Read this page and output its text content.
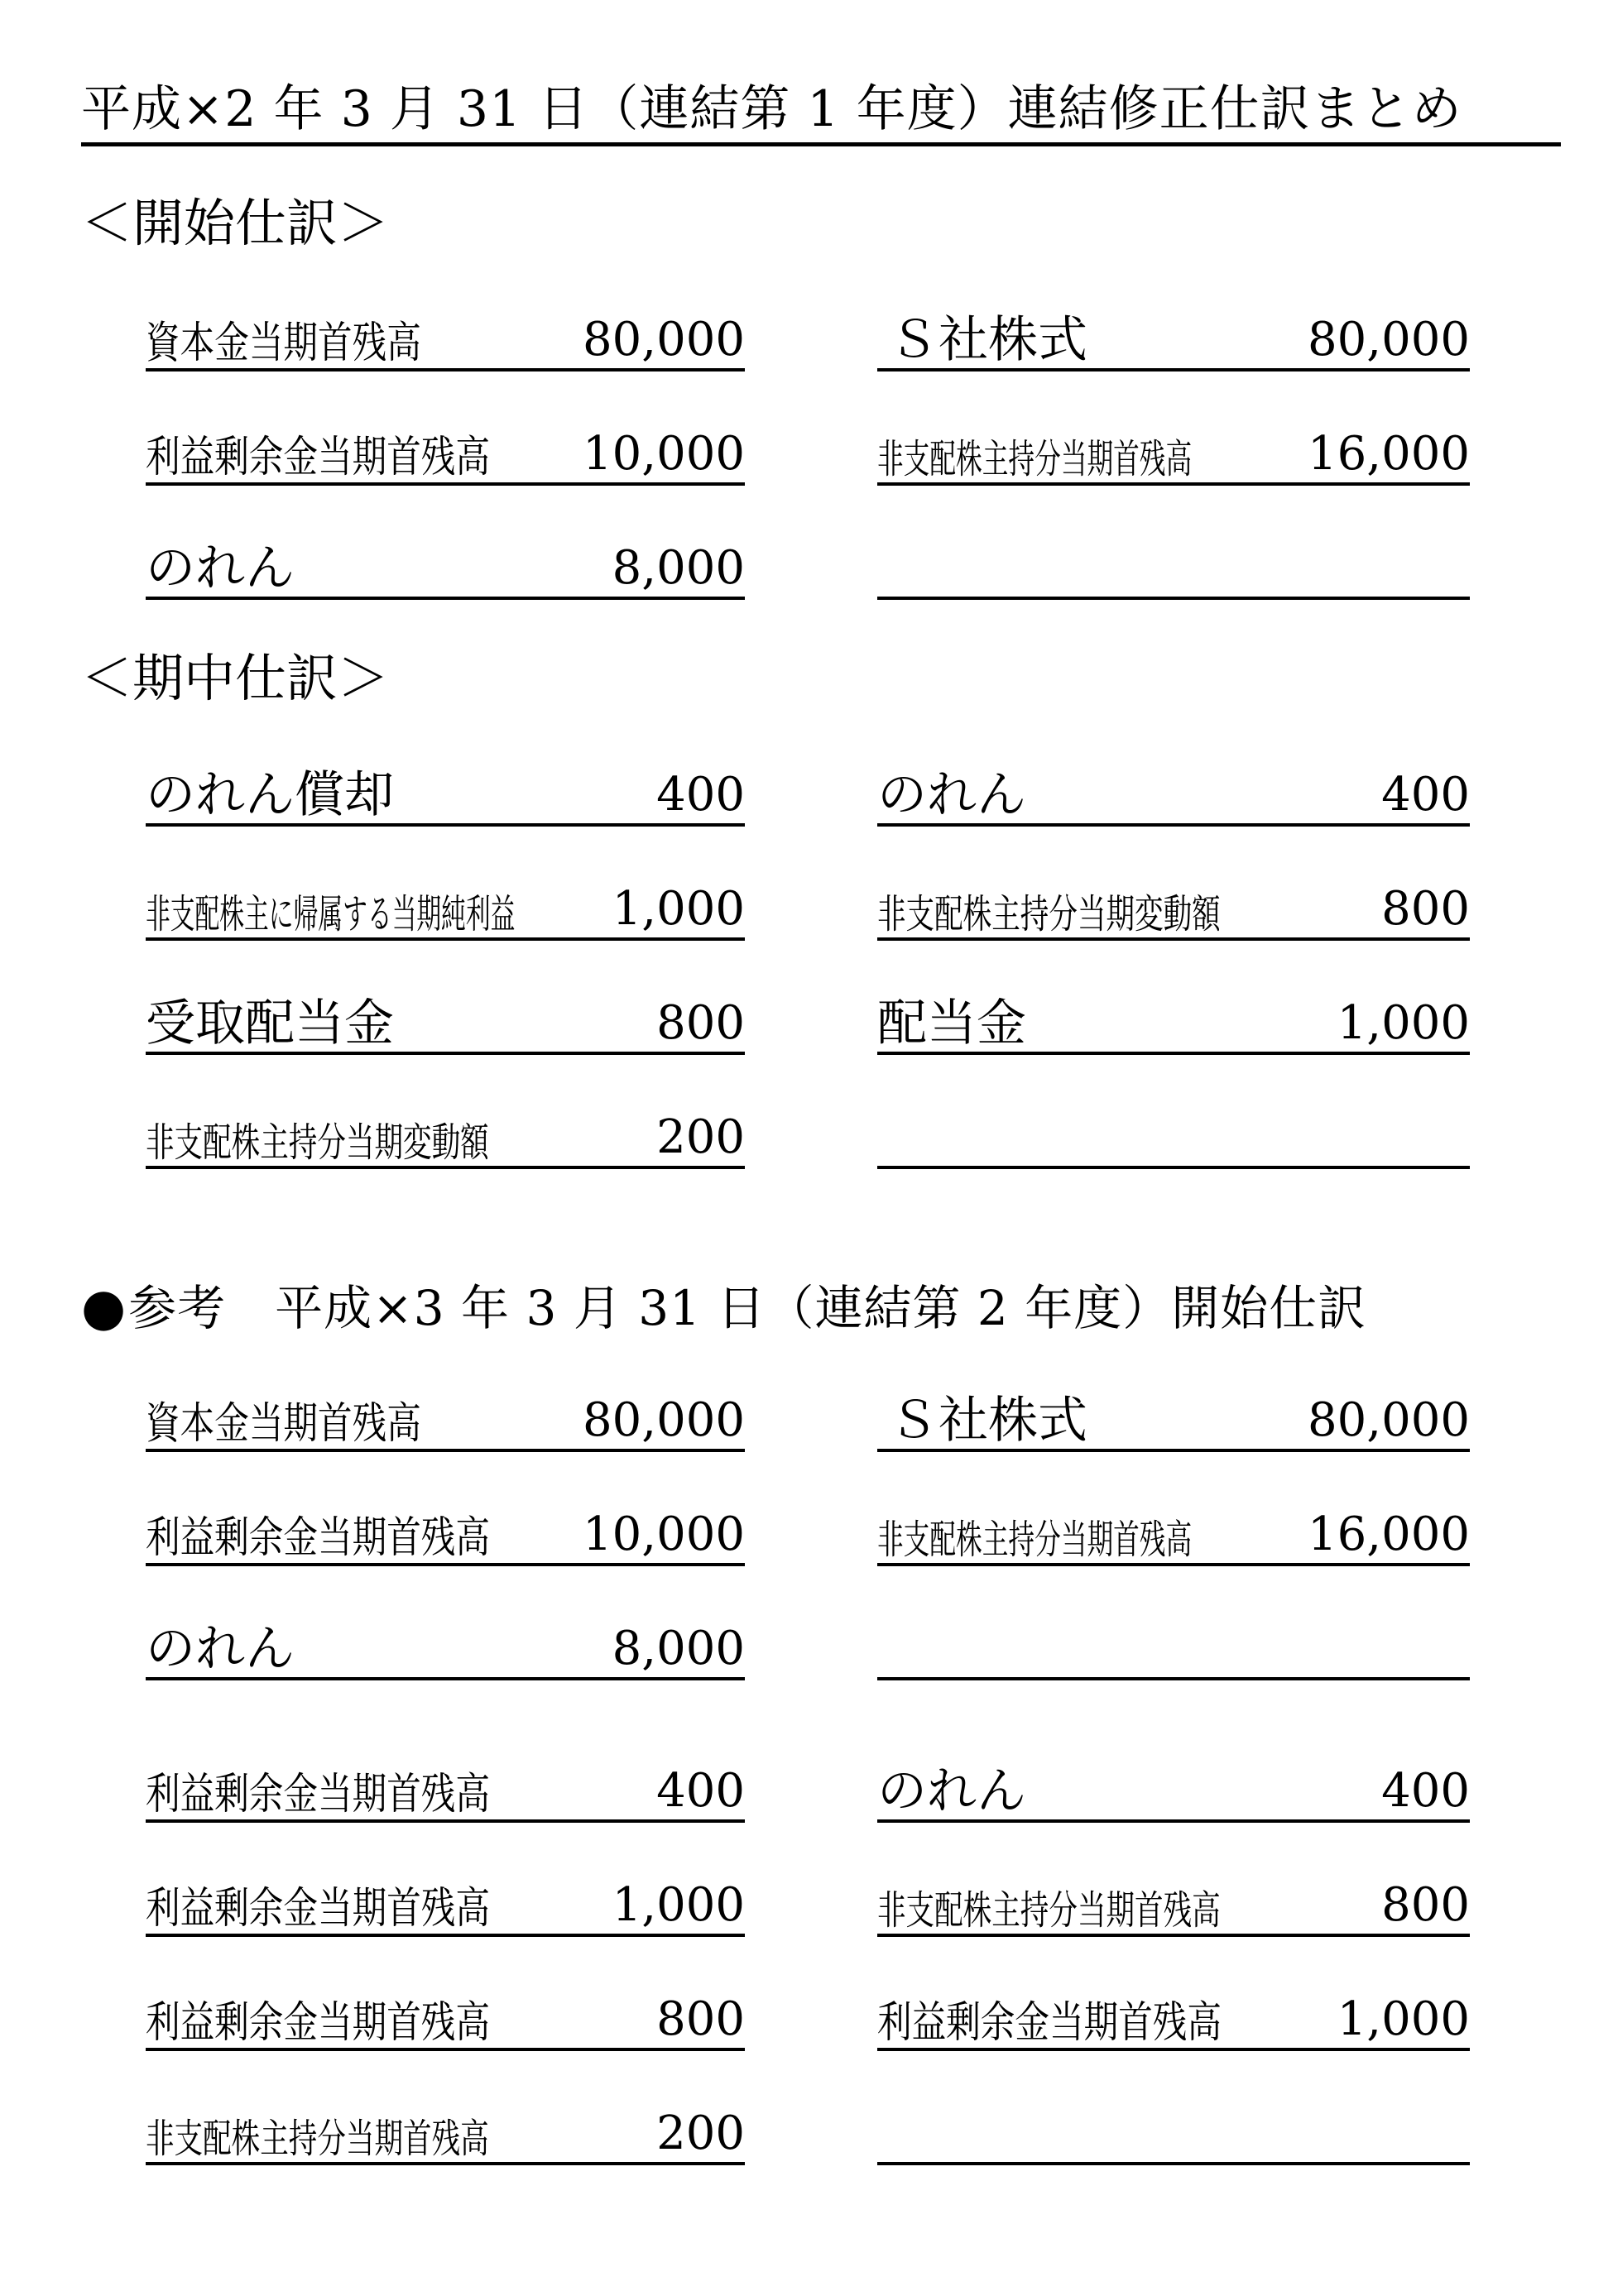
平成×2 年 3 月 31 日（連結第 1 年度）連結修正仕訳まとめ
＜開始仕訳＞
資本金当期首残高	80,000	Ｓ社株式	80,000
利益剰余金当期首残高 10,000	非支配株主持分当期首残高 16,000
のれん	8,000
＜期中仕訳＞
のれん償却	400	のれん	400
非支配株主に帰属する当期純利益 1,000	非支配株主持分当期変動額	800
受取配当金	800	配当金	1,000
非支配株主持分当期変動額	200
●参考　平成×3 年 3 月 31 日（連結第 2 年度）開始仕訳
資本金当期首残高	80,000	Ｓ社株式	80,000
利益剰余金当期首残高 10,000	非支配株主持分当期首残高 16,000
のれん	8,000
利益剰余金当期首残高	400	のれん	400
利益剰余金当期首残高	1,000	非支配株主持分当期首残高	800
利益剰余金当期首残高	800	利益剰余金当期首残高 1,000
非支配株主持分当期首残高	200
